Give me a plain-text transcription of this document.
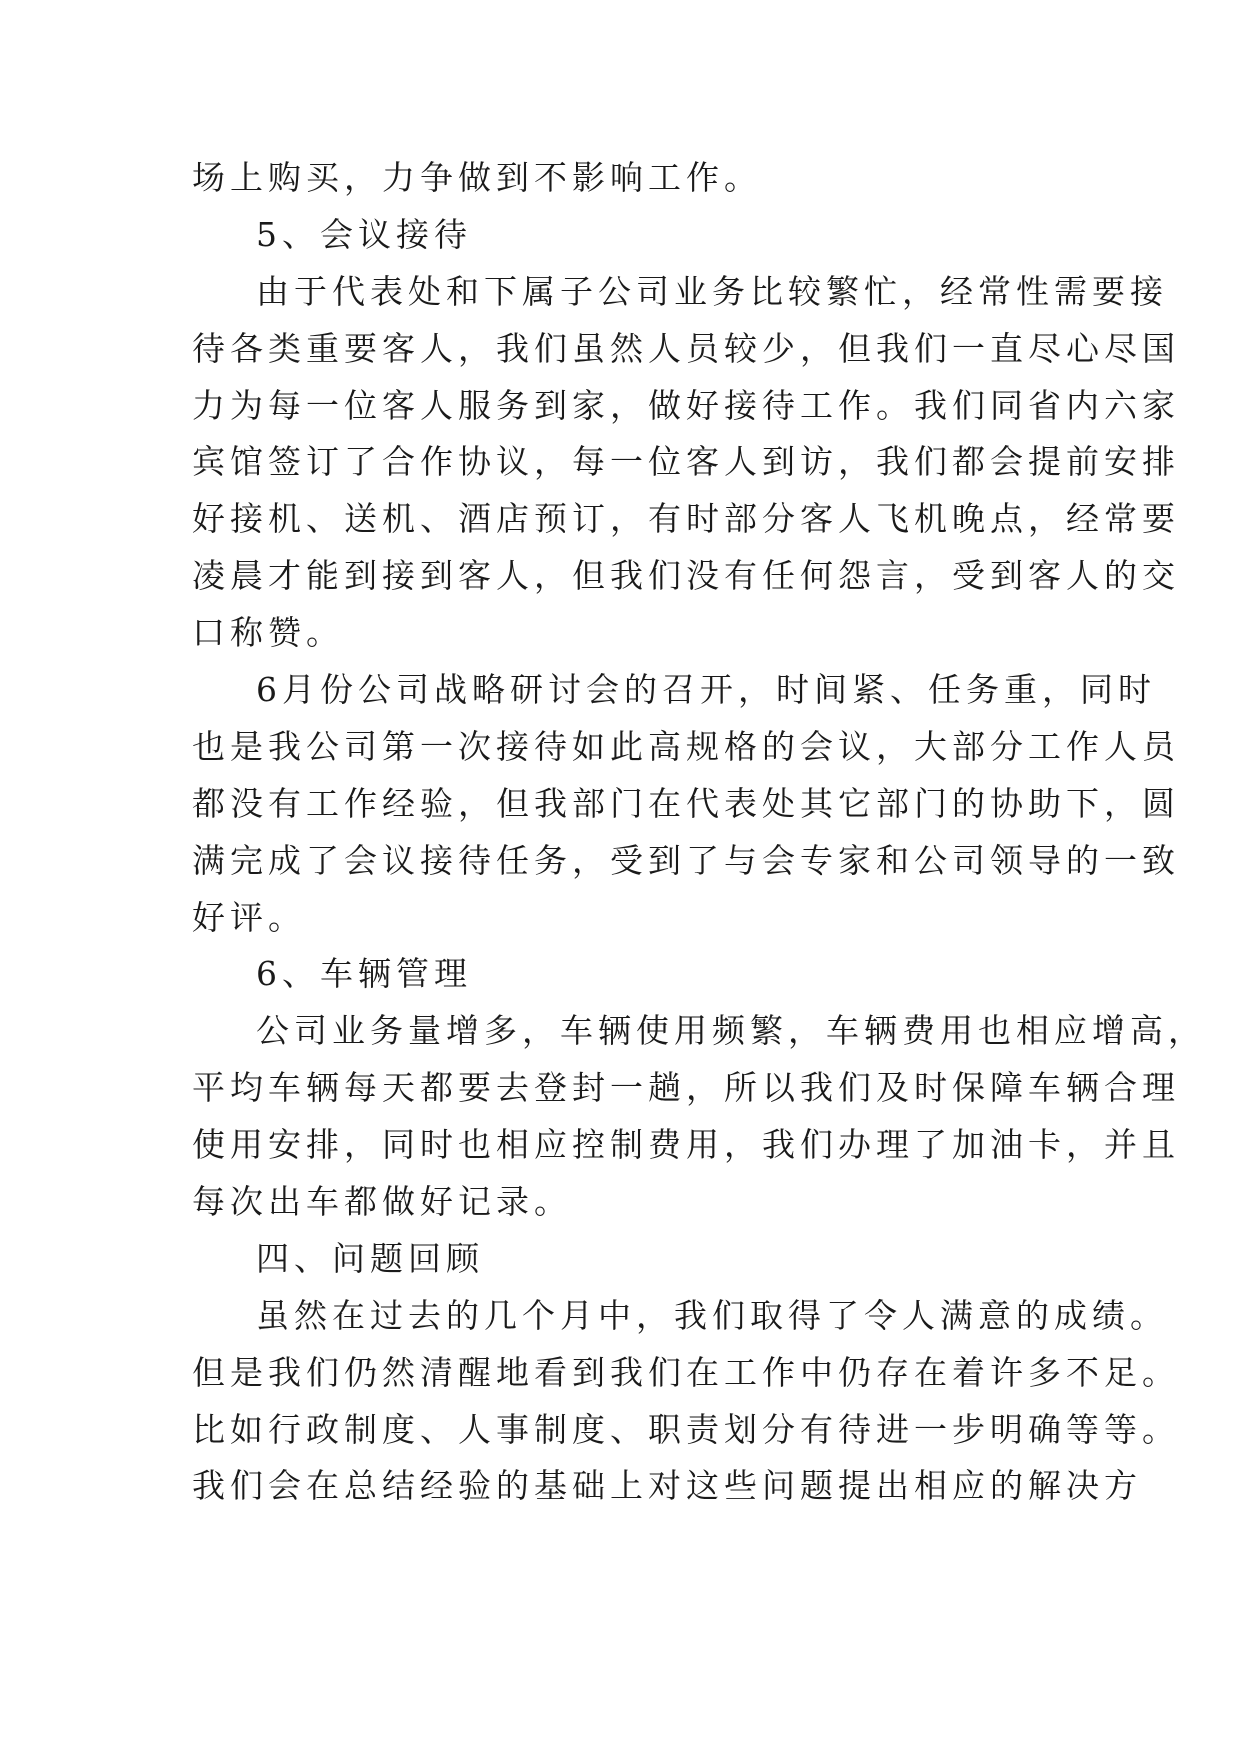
场上购买，力争做到不影响工作。
5、会议接待
由于代表处和下属子公司业务比较繁忙，经常性需要接
待各类重要客人，我们虽然人员较少，但我们一直尽心尽国
力为每一位客人服务到家，做好接待工作。我们同省内六家
宾馆签订了合作协议，每一位客人到访，我们都会提前安排
好接机、送机、酒店预订，有时部分客人飞机晚点，经常要
凌晨才能到接到客人，但我们没有任何怨言，受到客人的交
口称赞。
6月份公司战略研讨会的召开，时间紧、任务重，同时
也是我公司第一次接待如此高规格的会议，大部分工作人员
都没有工作经验，但我部门在代表处其它部门的协助下，圆
满完成了会议接待任务，受到了与会专家和公司领导的一致
好评。
6、车辆管理
公司业务量增多，车辆使用频繁，车辆费用也相应增高，
平均车辆每天都要去登封一趟，所以我们及时保障车辆合理
使用安排，同时也相应控制费用，我们办理了加油卡，并且
每次出车都做好记录。
四、问题回顾
虽然在过去的几个月中，我们取得了令人满意的成绩。
但是我们仍然清醒地看到我们在工作中仍存在着许多不足。
比如行政制度、人事制度、职责划分有待进一步明确等等。
我们会在总结经验的基础上对这些问题提出相应的解决方
